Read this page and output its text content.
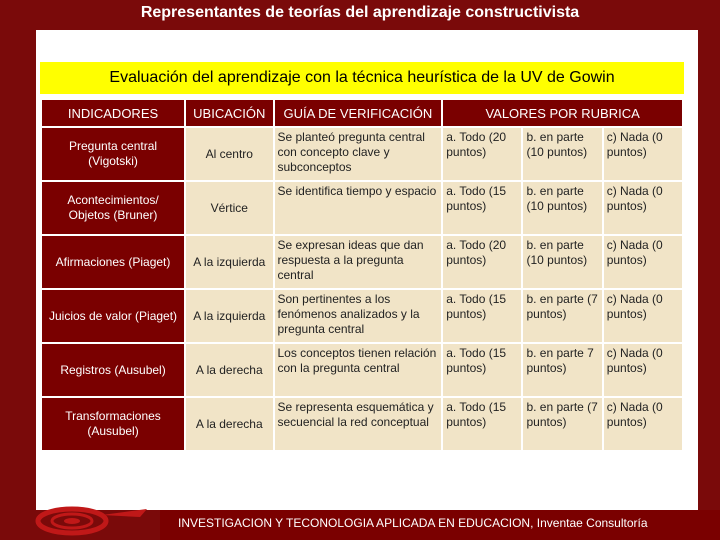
Representantes de teorías del aprendizaje constructivista
Evaluación del aprendizaje con la técnica heurística de la UV de Gowin
INDICADORES	UBICACIÓN	GUÍA DE VERIFICACIÓN	VALORES POR RUBRICA		
Pregunta central (Vigotski)	Al centro	Se planteó pregunta central con concepto clave y subconceptos	a. Todo (20 puntos)	b. en parte (10 puntos)	c) Nada (0 puntos)
Acontecimientos/ Objetos (Bruner)	Vértice	Se identifica tiempo y espacio	a. Todo (15 puntos)	b. en parte (10 puntos)	c) Nada (0 puntos)
Afirmaciones (Piaget)	A la izquierda	Se expresan ideas que dan respuesta a la pregunta central	a. Todo (20 puntos)	b. en parte (10 puntos)	c) Nada (0 puntos)
Juicios de valor (Piaget)	A la izquierda	Son pertinentes a los fenómenos analizados y la pregunta central	a. Todo (15 puntos)	b. en parte (7 puntos)	c) Nada (0 puntos)
Registros (Ausubel)	A la derecha	Los conceptos tienen relación con la pregunta central	a. Todo (15 puntos)	b. en parte 7 puntos)	c) Nada (0 puntos)
Transformaciones (Ausubel)	A la derecha	Se representa esquemática y secuencial la red conceptual	a. Todo (15 puntos)	b. en parte (7 puntos)	c) Nada (0 puntos)
INVESTIGACION Y TECONOLOGIA APLICADA EN EDUCACION, Inventae Consultoría
